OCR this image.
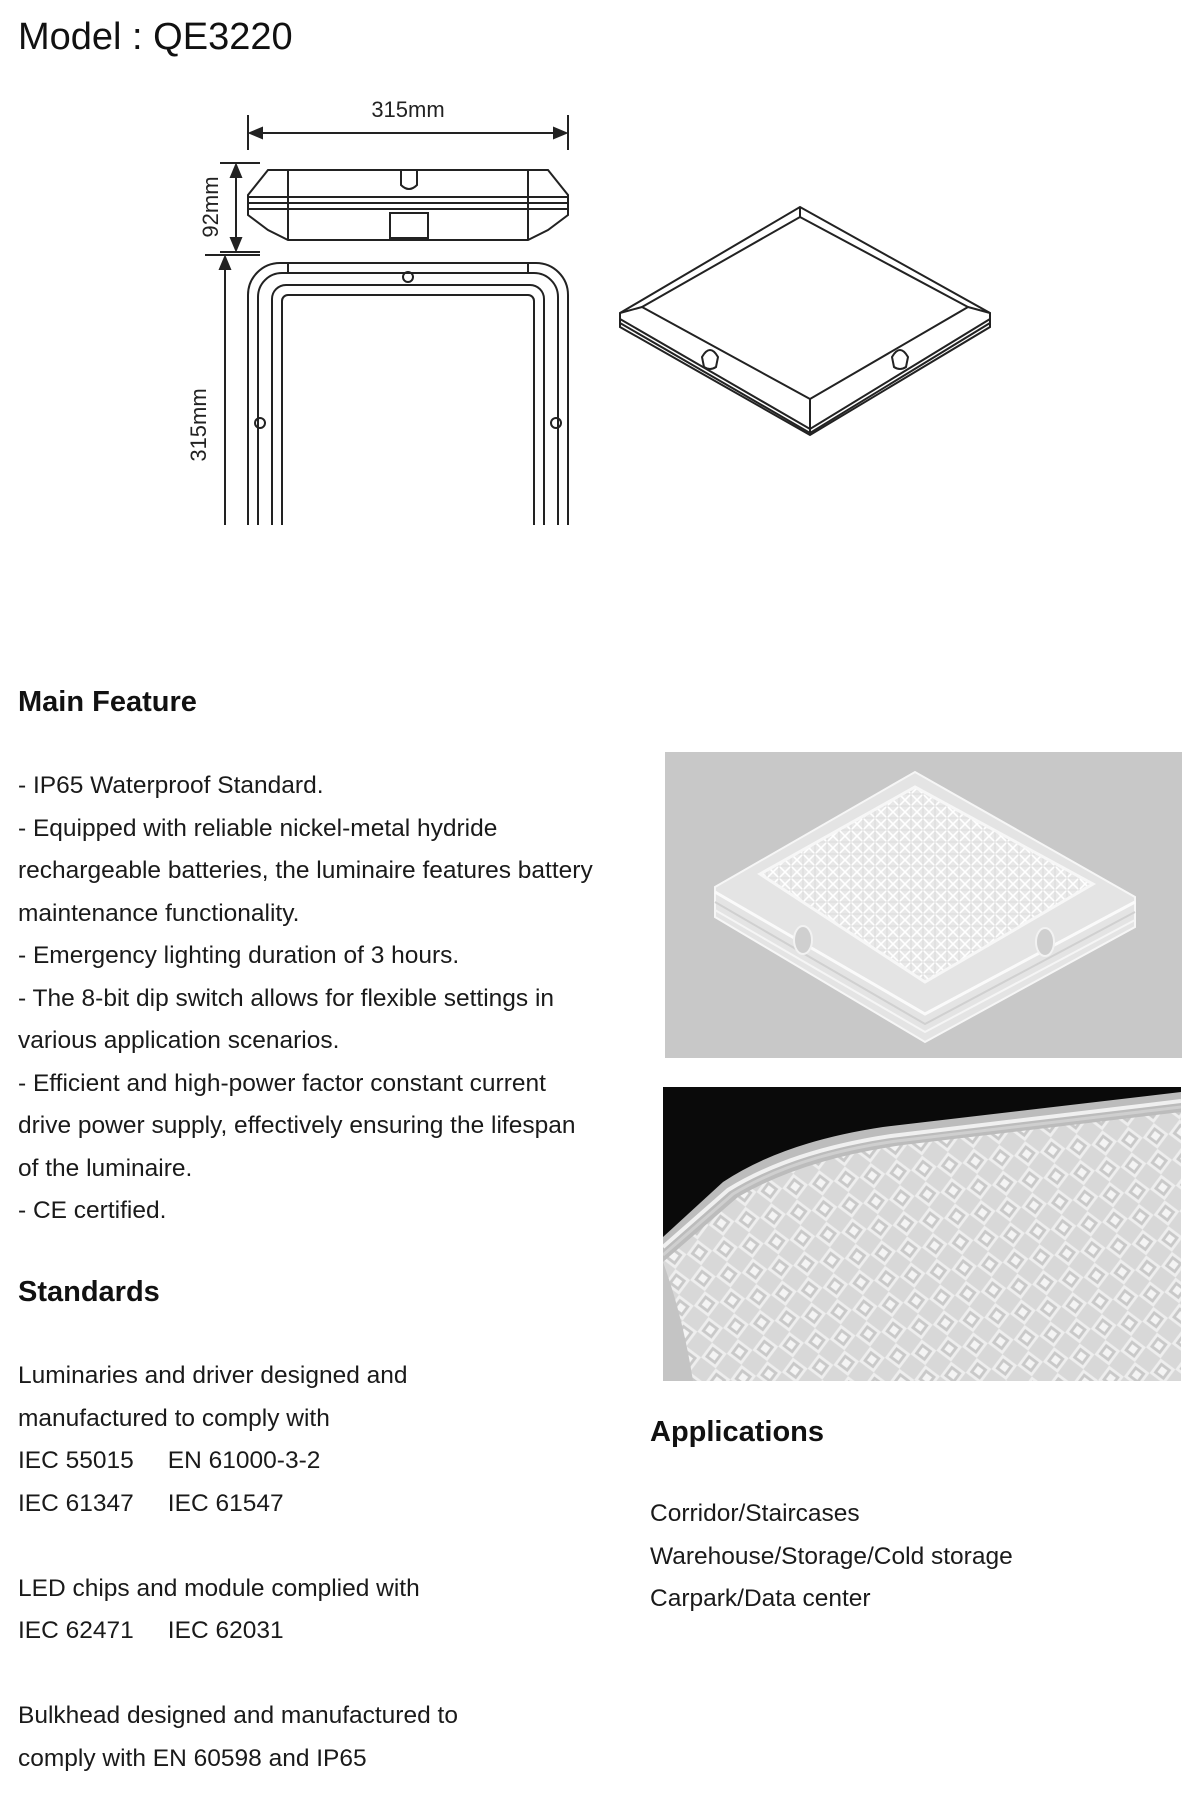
Model : QE3220
315mm
92mm
315mm
Main Feature
- IP65 Waterproof Standard.
- Equipped with reliable nickel-metal hydride
rechargeable batteries, the luminaire features battery
maintenance functionality.
- Emergency lighting duration of 3 hours.
- The 8-bit dip switch allows for flexible settings in
various application scenarios.
- Efficient and high-power factor constant current
drive power supply, effectively ensuring the lifespan
of the luminaire.
- CE certified.
Standards
Luminaries and driver designed and
manufactured to comply with
IEC 55015     EN 61000-3-2
IEC 61347     IEC 61547
LED chips and module complied with
IEC 62471     IEC 62031
Bulkhead designed and manufactured to
comply with EN 60598 and IP65
Applications
Corridor/Staircases
Warehouse/Storage/Cold storage
Carpark/Data center
